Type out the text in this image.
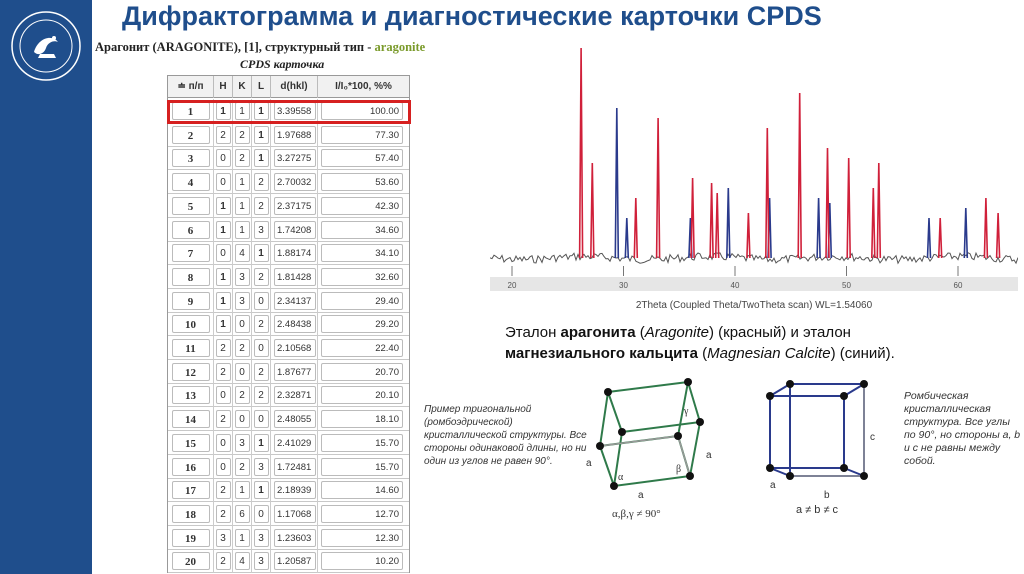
Дифрактограмма и диагностические карточки CPDS
Арагонит (ARAGONITE), [1], структурный тип - aragonite
CPDS карточка
≐ п/п	H	K	L	d(hkl)	I/I₀*100, %%
1	1	1	1	3.39558	100.00
2	2	2	1	1.97688	77.30
3	0	2	1	3.27275	57.40
4	0	1	2	2.70032	53.60
5	1	1	2	2.37175	42.30
6	1	1	3	1.74208	34.60
7	0	4	1	1.88174	34.10
8	1	3	2	1.81428	32.60
9	1	3	0	2.34137	29.40
10	1	0	2	2.48438	29.20
11	2	2	0	2.10568	22.40
12	2	0	2	1.87677	20.70
13	0	2	2	2.32871	20.10
14	2	0	0	2.48055	18.10
15	0	3	1	2.41029	15.70
16	0	2	3	1.72481	15.70
17	2	1	1	2.18939	14.60
18	2	6	0	1.17068	12.70
19	3	1	3	1.23603	12.30
20	2	4	3	1.20587	10.20
20	30	40	50	60
2Theta (Coupled Theta/TwoTheta scan) WL=1.54060
Эталон арагонита (Aragonite) (красный) и эталон
магнезиального кальцита (Magnesian Calcite) (синий).
Пример тригональной (ромбоэдрической) кристаллической структуры. Все стороны одинаковой длины, но ни один из углов не равен 90°.	a
a
a
α
β
γ
α,β,γ ≠ 90°
a
b
c
a ≠ b ≠ c
Ромбическая кристаллическая структура. Все углы по 90°, но стороны a, b и c не равны между собой.
